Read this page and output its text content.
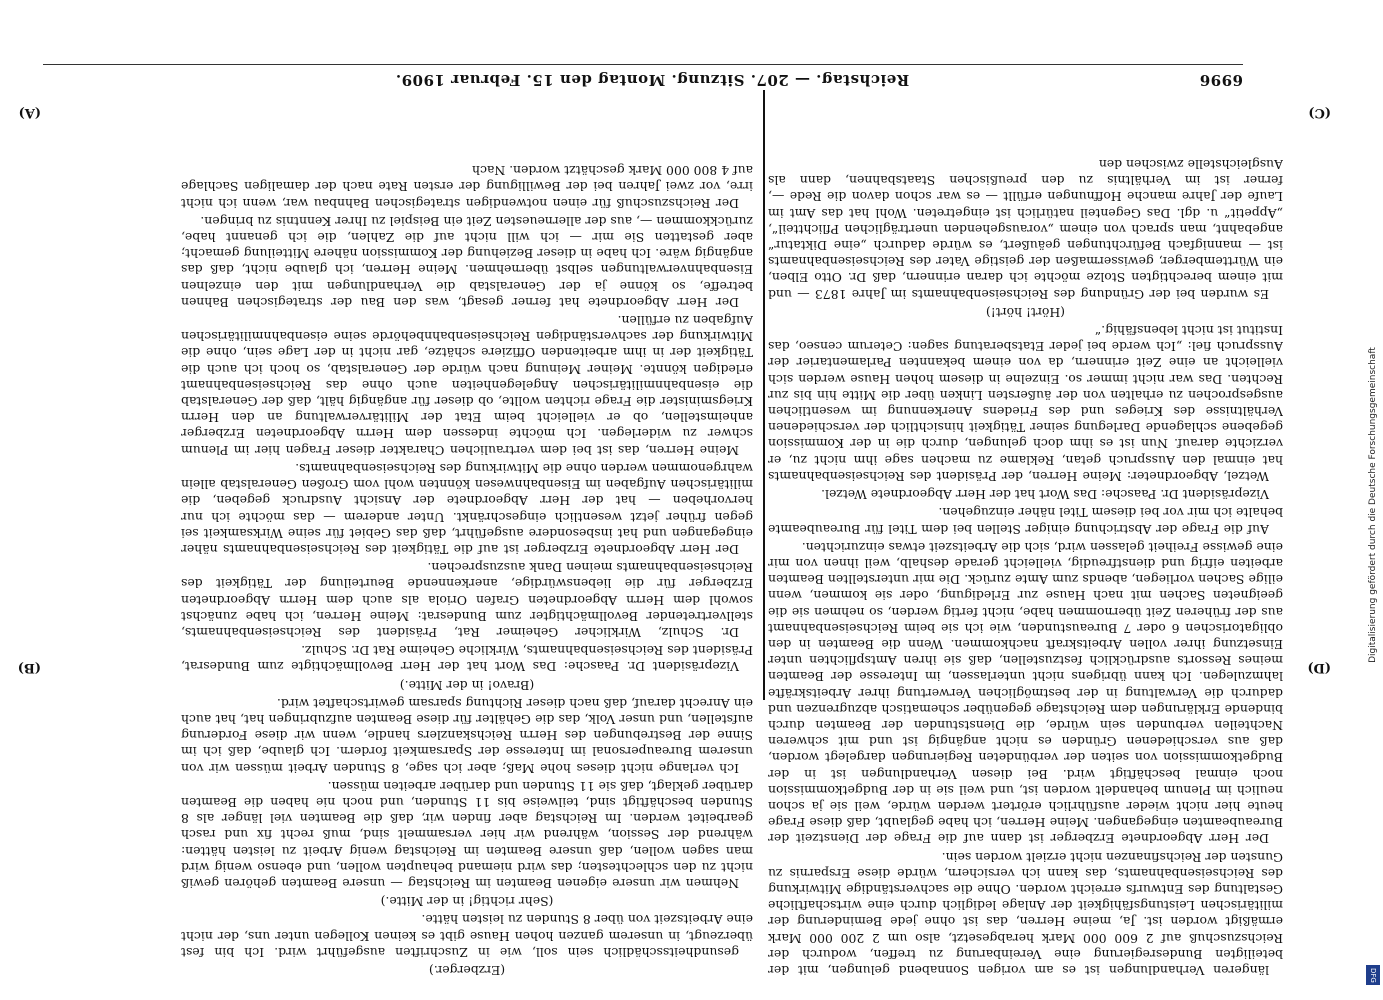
6996
Reichstag. — 207. Sitzung. Montag den 15. Februar 1909.
(A)
(B)
(C)
(D)

(Erzberger.)

gesundheitsschädlich sein soll, wie in Zuschriften ausgeführt wird. Ich bin fest überzeugt, in unserem ganzen hohen Hause gibt es keinen Kollegen unter uns, der nicht eine Arbeitszeit von über 8 Stunden zu leisten hätte.

(Sehr richtig! in der Mitte.)

Nehmen wir unsere eigenen Beamten im Reichstag — unsere Beamten gehören gewiß nicht zu den schlechtesten; das wird niemand behaupten wollen, und ebenso wenig wird man sagen wollen, daß unsere Beamten im Reichstag wenig Arbeit zu leisten hätten: während der Session, während wir hier versammelt sind, muß recht fix und rasch gearbeitet werden. Im Reichstag aber finden wir, daß die Beamten viel länger als 8 Stunden beschäftigt sind, teilweise bis 11 Stunden, und noch nie haben die Beamten darüber geklagt, daß sie 11 Stunden und darüber arbeiten müssen.

Ich verlange nicht dieses hohe Maß; aber ich sage, 8 Stunden Arbeit müssen wir von unserem Bureaupersonal im Interesse der Sparsamkeit fordern. Ich glaube, daß ich im Sinne der Bestrebungen des Herrn Reichskanzlers handle, wenn wir diese Forderung aufstellen, und unser Volk, das die Gehälter für diese Beamten aufzubringen hat, hat auch ein Anrecht darauf, daß nach dieser Richtung sparsam gewirtschaftet wird.

(Bravo! in der Mitte.)

Vizepräsident Dr. Paasche: Das Wort hat der Herr Bevollmächtigte zum Bundesrat, Präsident des Reichseisenbahnamts, Wirkliche Geheime Rat Dr. Schulz.

Dr. Schulz, Wirklicher Geheimer Rat, Präsident des Reichseisenbahnamts, stellvertretender Bevollmächtigter zum Bundesrat: Meine Herren, ich habe zunächst sowohl dem Herrn Abgeordneten Grafen Oriola als auch dem Herrn Abgeordneten Erzberger für die liebenswürdige, anerkennende Beurteilung der Tätigkeit des Reichseisenbahnamts meinen Dank auszusprechen.

Der Herr Abgeordnete Erzberger ist auf die Tätigkeit des Reichseisenbahnamts näher eingegangen und hat insbesondere ausgeführt, daß das Gebiet für seine Wirksamkeit sei gegen früher jetzt wesentlich eingeschränkt. Unter anderem — das möchte ich nur hervorheben — hat der Herr Abgeordnete der Ansicht Ausdruck gegeben, die militärischen Aufgaben im Eisenbahnwesen könnten wohl vom Großen Generalstab allein wahrgenommen werden ohne die Mitwirkung des Reichseisenbahnamts.

Meine Herren, das ist bei dem vertraulichen Charakter dieser Fragen hier im Plenum schwer zu widerlegen. Ich möchte indessen dem Herrn Abgeordneten Erzberger anheimstellen, ob er vielleicht beim Etat der Militärverwaltung an den Herrn Kriegsminister die Frage richten wollte, ob dieser für angängig hält, daß der Generalstab die eisenbahnmilitärischen Angelegenheiten auch ohne das Reichseisenbahnamt erledigen könnte. Meiner Meinung nach würde der Generalstab, so hoch ich auch die Tätigkeit der in ihm arbeitenden Offiziere schätze, gar nicht in der Lage sein, ohne die Mitwirkung der sachverständigen Reichseisenbahnbehörde seine eisenbahnmilitärischen Aufgaben zu erfüllen.

Der Herr Abgeordnete hat ferner gesagt, was den Bau der strategischen Bahnen betreffe, so könne ja der Generalstab die Verhandlungen mit den einzelnen Eisenbahnverwaltungen selbst übernehmen. Meine Herren, ich glaube nicht, daß das angängig wäre. Ich habe in dieser Beziehung der Kommission nähere Mitteilung gemacht; aber gestatten Sie mir — ich will nicht auf die Zahlen, die ich genannt habe, zurückkommen —, aus der allerneuesten Zeit ein Beispiel zu Ihrer Kenntnis zu bringen.

Der Reichszuschuß für einen notwendigen strategischen Bahnbau war, wenn ich nicht irre, vor zwei Jahren bei der Bewilligung der ersten Rate nach der damaligen Sachlage auf 4 800 000 Mark geschätzt worden. Nach

längeren Verhandlungen ist es am vorigen Sonnabend gelungen, mit der beteiligten Bundesregierung eine Vereinbarung zu treffen, wodurch der Reichszuschuß auf 2 600 000 Mark herabgesetzt, also um 2 200 000 Mark ermäßigt worden ist. Ja, meine Herren, das ist ohne jede Beminderung der militärischen Leistungsfähigkeit der Anlage lediglich durch eine wirtschaftliche Gestaltung des Entwurfs erreicht worden. Ohne die sachverständige Mitwirkung des Reichseisenbahnamts, das kann ich versichern, würde diese Ersparnis zu Gunsten der Reichsfinanzen nicht erzielt worden sein.

Der Herr Abgeordnete Erzberger ist dann auf die Frage der Dienstzeit der Bureaubeamten eingegangen. Meine Herren, ich habe geglaubt, daß diese Frage heute hier nicht wieder ausführlich erörtert werden würde, weil sie ja schon neulich im Plenum behandelt worden ist, und weil sie in der Budgetkommission noch einmal beschäftigt wird. Bei diesen Verhandlungen ist in der Budgetkommission von seiten der verbündeten Regierungen dargelegt worden, daß aus verschiedenen Gründen es nicht angängig ist und mit schweren Nachteilen verbunden sein würde, die Dienststunden der Beamten durch bindende Erklärungen dem Reichstage gegenüber schematisch abzugrenzen und dadurch die Verwaltung in der bestmöglichen Verwertung ihrer Arbeitskräfte lahmzulegen. Ich kann übrigens nicht unterlassen, im Interesse der Beamten meines Ressorts ausdrücklich festzustellen, daß sie ihren Amtspflichten unter Einsetzung ihrer vollen Arbeitskraft nachkommen. Wenn die Beamten in den obligatorischen 6 oder 7 Bureaustunden, wie ich sie beim Reichseisenbahnamt aus der früheren Zeit übernommen habe, nicht fertig werden, so nehmen sie die geeigneten Sachen mit nach Hause zur Erledigung, oder sie kommen, wenn eilige Sachen vorliegen, abends zum Amte zurück. Die mir unterstellten Beamten arbeiten eifrig und dienstfreudig, vielleicht gerade deshalb, weil ihnen von mir eine gewisse Freiheit gelassen wird, sich die Arbeitszeit etwas einzurichten.

Auf die Frage der Abstrichung einiger Stellen bei dem Titel für Bureaubeamte behalte ich mir vor bei diesem Titel näher einzugehen.

Vizepräsident Dr. Paasche: Das Wort hat der Herr Abgeordnete Wetzel.

Wetzel, Abgeordneter: Meine Herren, der Präsident des Reichseisenbahnamts hat einmal den Ausspruch getan, Reklame zu machen sage ihm nicht zu, er verzichte darauf. Nun ist es ihm doch gelungen, durch die in der Kommission gegebene schlagende Darlegung seiner Tätigkeit hinsichtlich der verschiedenen Verhältnisse des Krieges und des Friedens Anerkennung im wesentlichen ausgesprochen zu erhalten von der äußersten Linken über die Mitte hin bis zur Rechten. Das war nicht immer so. Einzelne in diesem hohen Hause werden sich vielleicht an eine Zeit erinnern, da von einem bekannten Parlamentarier der Ausspruch fiel: „Ich werde bei jeder Etatsberatung sagen: Ceterum censeo, das Institut ist nicht lebensfähig.“

(Hört! hört!)

Es wurden bei der Gründung des Reichseisenbahnamts im Jahre 1873 — und mit einem berechtigten Stolze möchte ich daran erinnern, daß Dr. Otto Elben, ein Württemberger, gewissermaßen der geistige Vater des Reichseisenbahnamts ist — mannigfach Befürchtungen geäußert, es würde dadurch „eine Diktatur“ angebahnt, man sprach von einem „vorausgehenden unerträglichen Pflichtteil“, „Appetit“ u. dgl. Das Gegenteil natürlich ist eingetreten. Wohl hat das Amt im Laufe der Jahre manche Hoffnungen erfüllt — es war schon davon die Rede —, ferner ist im Verhältnis zu den preußischen Staatsbahnen, dann als Ausgleichstelle zwischen den

Digitalisierung gefördert durch die Deutsche Forschungsgemeinschaft
DFG
